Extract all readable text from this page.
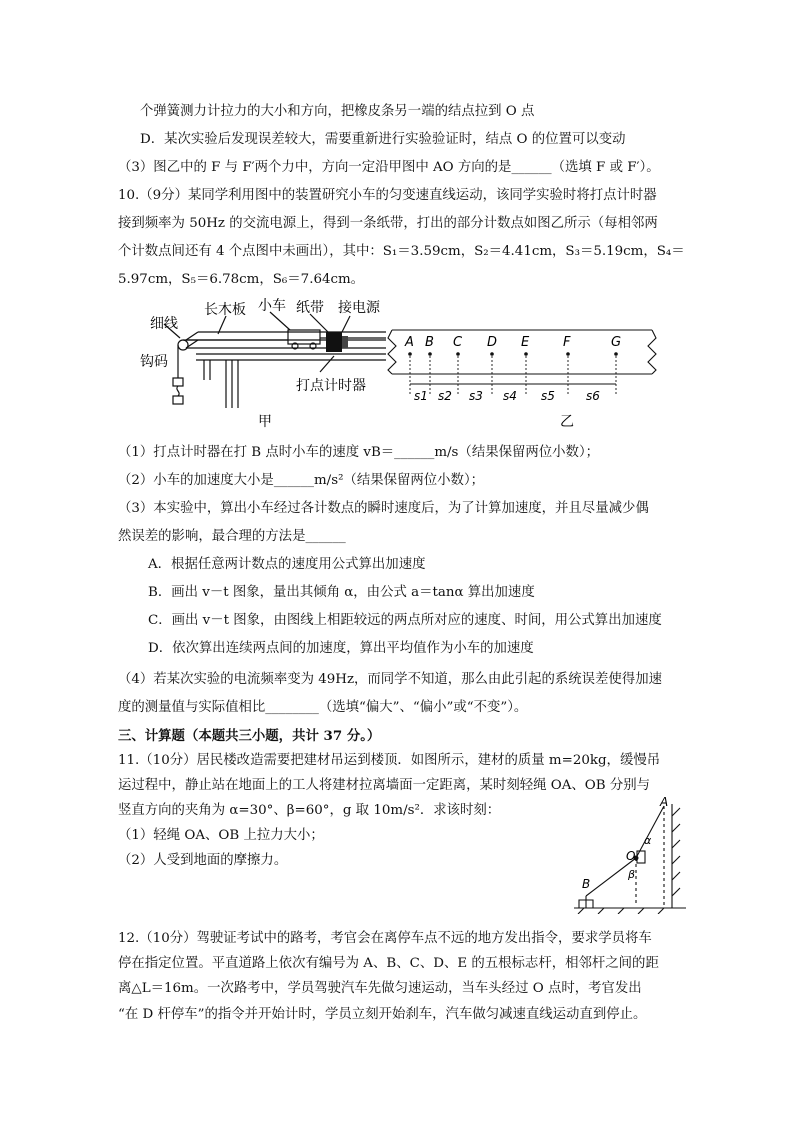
个弹簧测力计拉力的大小和方向，把橡皮条另一端的结点拉到 O 点
D．某次实验后发现误差较大，需要重新进行实验验证时，结点 O 的位置可以变动
（3）图乙中的 F 与 F′两个力中，方向一定沿甲图中 AO 方向的是______（选填 F 或 F′）。
10.（9分）某同学利用图中的装置研究小车的匀变速直线运动，该同学实验时将打点计时器
接到频率为 50Hz 的交流电源上，得到一条纸带，打出的部分计数点如图乙所示（每相邻两
个计数点间还有 4 个点图中未画出），其中：S₁＝3.59cm，S₂＝4.41cm，S₃＝5.19cm，S₄＝
5.97cm，S₅＝6.78cm，S₆＝7.64cm。
细线
长木板 小车 纸带 接电源
钩码
打点计时器
甲
A B C D E	F	G
s1 s2 s3 s4 s5	s6
乙
（1）打点计时器在打 B 点时小车的速度 vB＝______m/s（结果保留两位小数）；
（2）小车的加速度大小是______m/s²（结果保留两位小数）；
（3）本实验中，算出小车经过各计数点的瞬时速度后，为了计算加速度，并且尽量减少偶
然误差的影响，最合理的方法是______
A．根据任意两计数点的速度用公式算出加速度
B．画出 v－t 图象，量出其倾角 α，由公式 a＝tanα 算出加速度
C．画出 v－t 图象，由图线上相距较远的两点所对应的速度、时间，用公式算出加速度
D．依次算出连续两点间的加速度，算出平均值作为小车的加速度
（4）若某次实验的电流频率变为 49Hz，而同学不知道，那么由此引起的系统误差使得加速
度的测量值与实际值相比________（选填“偏大”、“偏小”或“不变”）。
三、计算题（本题共三小题，共计 37 分。）
11.（10分）居民楼改造需要把建材吊运到楼顶．如图所示，建材的质量 m=20kg，缓慢吊
运过程中，静止站在地面上的工人将建材拉离墙面一定距离，某时刻轻绳 OA、OB 分别与
竖直方向的夹角为 α=30°、β=60°，g 取 10m/s²．求该时刻：
（1）轻绳 OA、OB 上拉力大小；
（2）人受到地面的摩擦力。
A
B
O
α
β
12.（10分）驾驶证考试中的路考，考官会在离停车点不远的地方发出指令，要求学员将车
停在指定位置。平直道路上依次有编号为 A、B、C、D、E 的五根标志杆，相邻杆之间的距
离△L＝16m。一次路考中，学员驾驶汽车先做匀速运动，当车头经过 O 点时，考官发出
“在 D 杆停车”的指令并开始计时，学员立刻开始刹车，汽车做匀减速直线运动直到停止。
